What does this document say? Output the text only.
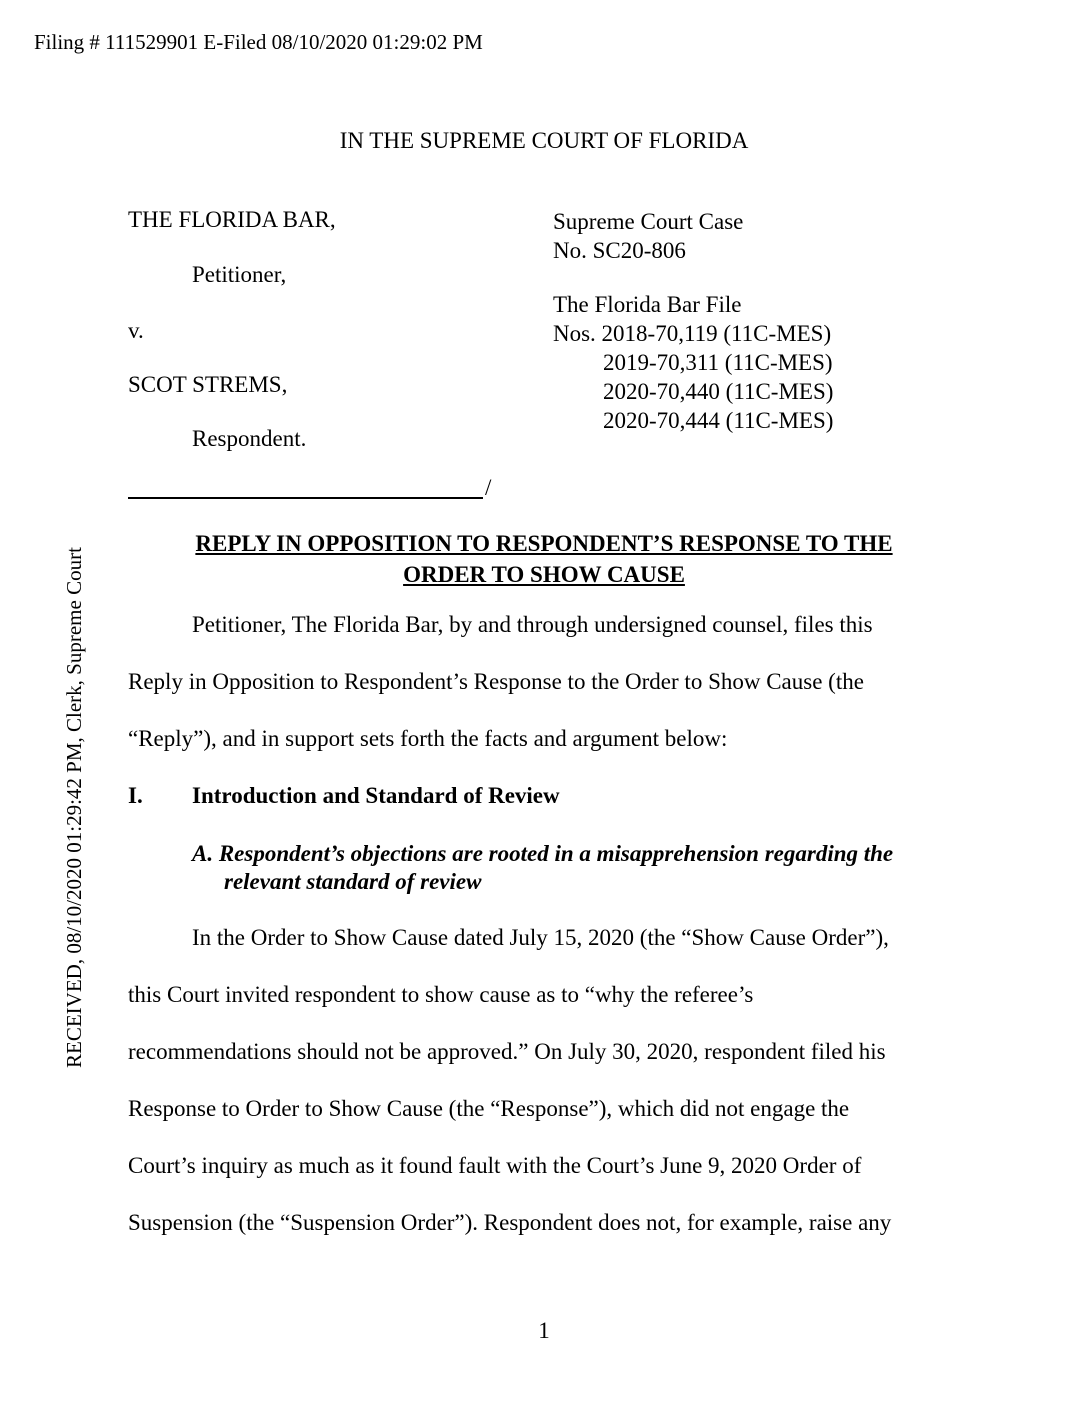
Filing # 111529901 E-Filed 08/10/2020 01:29:02 PM
RECEIVED, 08/10/2020 01:29:42 PM, Clerk, Supreme Court
IN THE SUPREME COURT OF FLORIDA
THE FLORIDA BAR,
Petitioner,
v.
SCOT STREMS,
Respondent.
Supreme Court Case
No. SC20-806
The Florida Bar File
Nos. 2018-70,119 (11C-MES)
2019-70,311 (11C-MES)
2020-70,440 (11C-MES)
2020-70,444 (11C-MES)
/
REPLY IN OPPOSITION TO RESPONDENT’S RESPONSE TO THE
ORDER TO SHOW CAUSE
Petitioner, The Florida Bar, by and through undersigned counsel, files this
Reply in Opposition to Respondent’s Response to the Order to Show Cause (the
“Reply”), and in support sets forth the facts and argument below:
I. Introduction and Standard of Review
A. Respondent’s objections are rooted in a misapprehension regarding the
relevant standard of review
In the Order to Show Cause dated July 15, 2020 (the “Show Cause Order”),
this Court invited respondent to show cause as to “why the referee’s
recommendations should not be approved.” On July 30, 2020, respondent filed his
Response to Order to Show Cause (the “Response”), which did not engage the
Court’s inquiry as much as it found fault with the Court’s June 9, 2020 Order of
Suspension (the “Suspension Order”). Respondent does not, for example, raise any
1
